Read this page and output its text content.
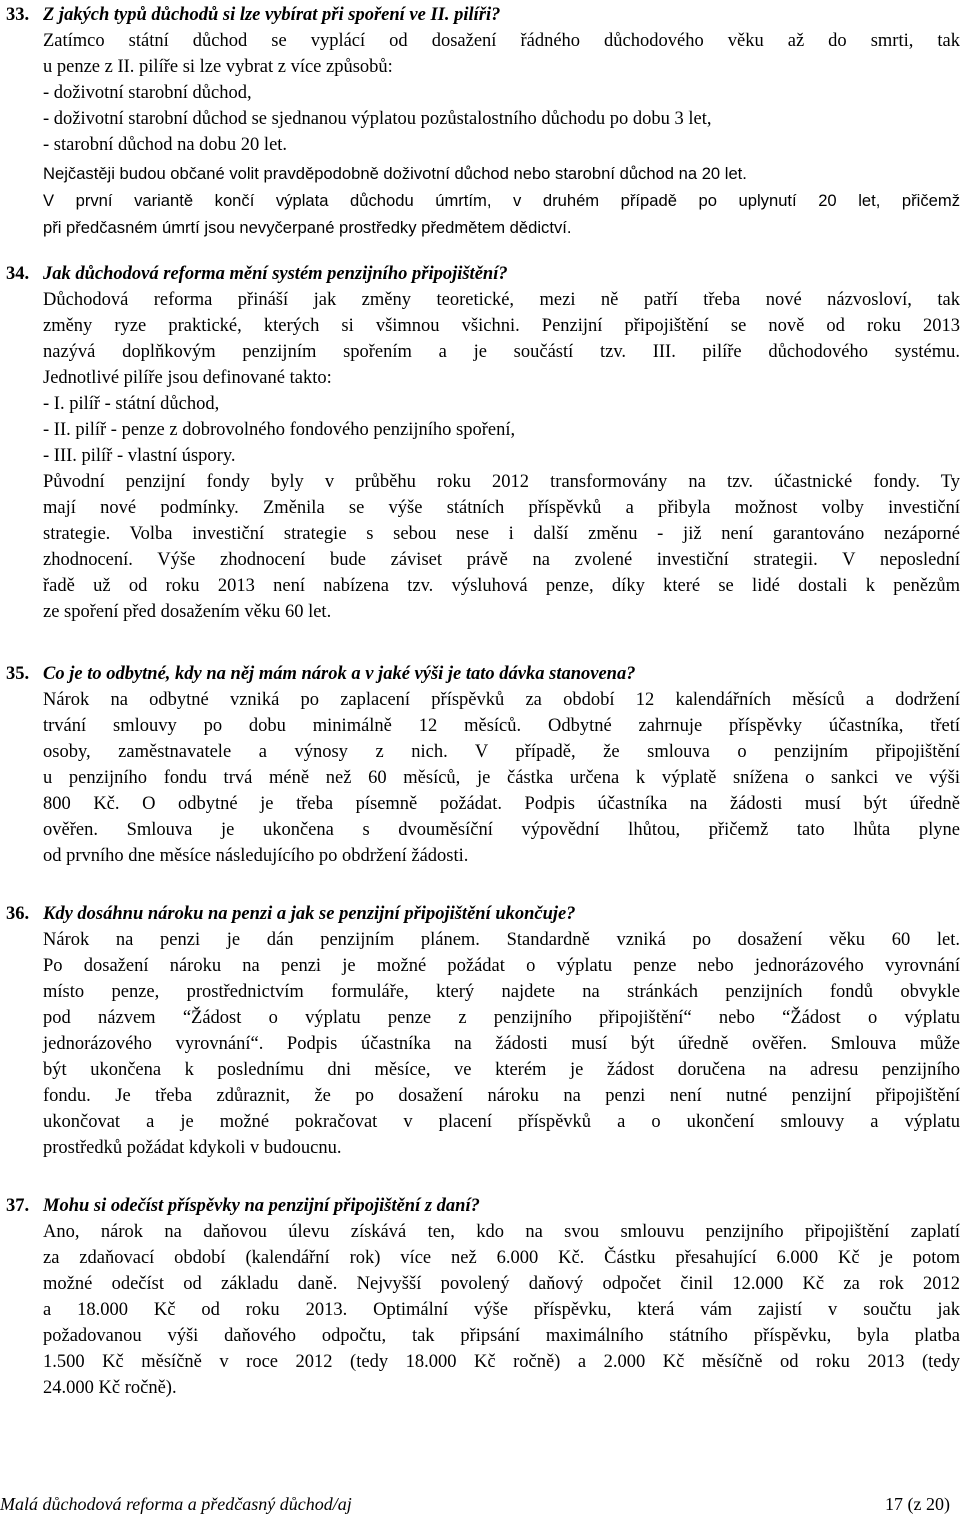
33. Z jakých typů důchodů si lze vybírat při spoření ve II. pilíři?
Zatímco státní důchod se vyplácí od dosažení řádného důchodového věku až do smrti, tak
u penze z II. pilíře si lze vybrat z více způsobů:
- doživotní starobní důchod,
- doživotní starobní důchod se sjednanou výplatou pozůstalostního důchodu po dobu 3 let,
- starobní důchod na dobu 20 let.
Nejčastěji budou občané volit pravděpodobně doživotní důchod nebo starobní důchod na 20 let.
V první variantě končí výplata důchodu úmrtím, v druhém případě po uplynutí 20 let, přičemž
při předčasném úmrtí jsou nevyčerpané prostředky předmětem dědictví.
34. Jak důchodová reforma mění systém penzijního připojištění?
Důchodová reforma přináší jak změny teoretické, mezi ně patří třeba nové názvosloví, tak
změny ryze praktické, kterých si všimnou všichni. Penzijní připojištění se nově od roku 2013
nazývá doplňkovým penzijním spořením a je součástí tzv. III. pilíře důchodového systému.
Jednotlivé pilíře jsou definované takto:
- I. pilíř - státní důchod,
- II. pilíř - penze z dobrovolného fondového penzijního spoření,
- III. pilíř - vlastní úspory.
Původní penzijní fondy byly v průběhu roku 2012 transformovány na tzv. účastnické fondy. Ty
mají nové podmínky. Změnila se výše státních příspěvků a přibyla možnost volby investiční
strategie. Volba investiční strategie s sebou nese i další změnu - již není garantováno nezáporné
zhodnocení. Výše zhodnocení bude záviset právě na zvolené investiční strategii. V neposlední
řadě už od roku 2013 není nabízena tzv. výsluhová penze, díky které se lidé dostali k penězům
ze spoření před dosažením věku 60 let.
35. Co je to odbytné, kdy na něj mám nárok a v jaké výši je tato dávka stanovena?
Nárok na odbytné vzniká po zaplacení příspěvků za období 12 kalendářních měsíců a dodržení
trvání smlouvy po dobu minimálně 12 měsíců. Odbytné zahrnuje příspěvky účastníka, třetí
osoby, zaměstnavatele a výnosy z nich. V případě, že smlouva o penzijním připojištění
u penzijního fondu trvá méně než 60 měsíců, je částka určena k výplatě snížena o sankci ve výši
800 Kč. O odbytné je třeba písemně požádat. Podpis účastníka na žádosti musí být úředně
ověřen. Smlouva je ukončena s dvouměsíční výpovědní lhůtou, přičemž tato lhůta plyne
od prvního dne měsíce následujícího po obdržení žádosti.
36. Kdy dosáhnu nároku na penzi a jak se penzijní připojištění ukončuje?
Nárok na penzi je dán penzijním plánem. Standardně vzniká po dosažení věku 60 let.
Po dosažení nároku na penzi je možné požádat o výplatu penze nebo jednorázového vyrovnání
místo penze, prostřednictvím formuláře, který najdete na stránkách penzijních fondů obvykle
pod názvem “Žádost o výplatu penze z penzijního připojištění“ nebo “Žádost o výplatu
jednorázového vyrovnání“. Podpis účastníka na žádosti musí být úředně ověřen. Smlouva může
být ukončena k poslednímu dni měsíce, ve kterém je žádost doručena na adresu penzijního
fondu. Je třeba zdůraznit, že po dosažení nároku na penzi není nutné penzijní připojištění
ukončovat a je možné pokračovat v placení příspěvků a o ukončení smlouvy a výplatu
prostředků požádat kdykoli v budoucnu.
37. Mohu si odečíst příspěvky na penzijní připojištění z daní?
Ano, nárok na daňovou úlevu získává ten, kdo na svou smlouvu penzijního připojištění zaplatí
za zdaňovací období (kalendářní rok) více než 6.000 Kč. Částku přesahující 6.000 Kč je potom
možné odečíst od základu daně. Nejvyšší povolený daňový odpočet činil 12.000 Kč za rok 2012
a 18.000 Kč od roku 2013. Optimální výše příspěvku, která vám zajistí v součtu jak
požadovanou výši daňového odpočtu, tak připsání maximálního státního příspěvku, byla platba
1.500 Kč měsíčně v roce 2012 (tedy 18.000 Kč ročně) a 2.000 Kč měsíčně od roku 2013 (tedy
24.000 Kč ročně).
Malá důchodová reforma a předčasný důchod/aj	17 (z 20)
